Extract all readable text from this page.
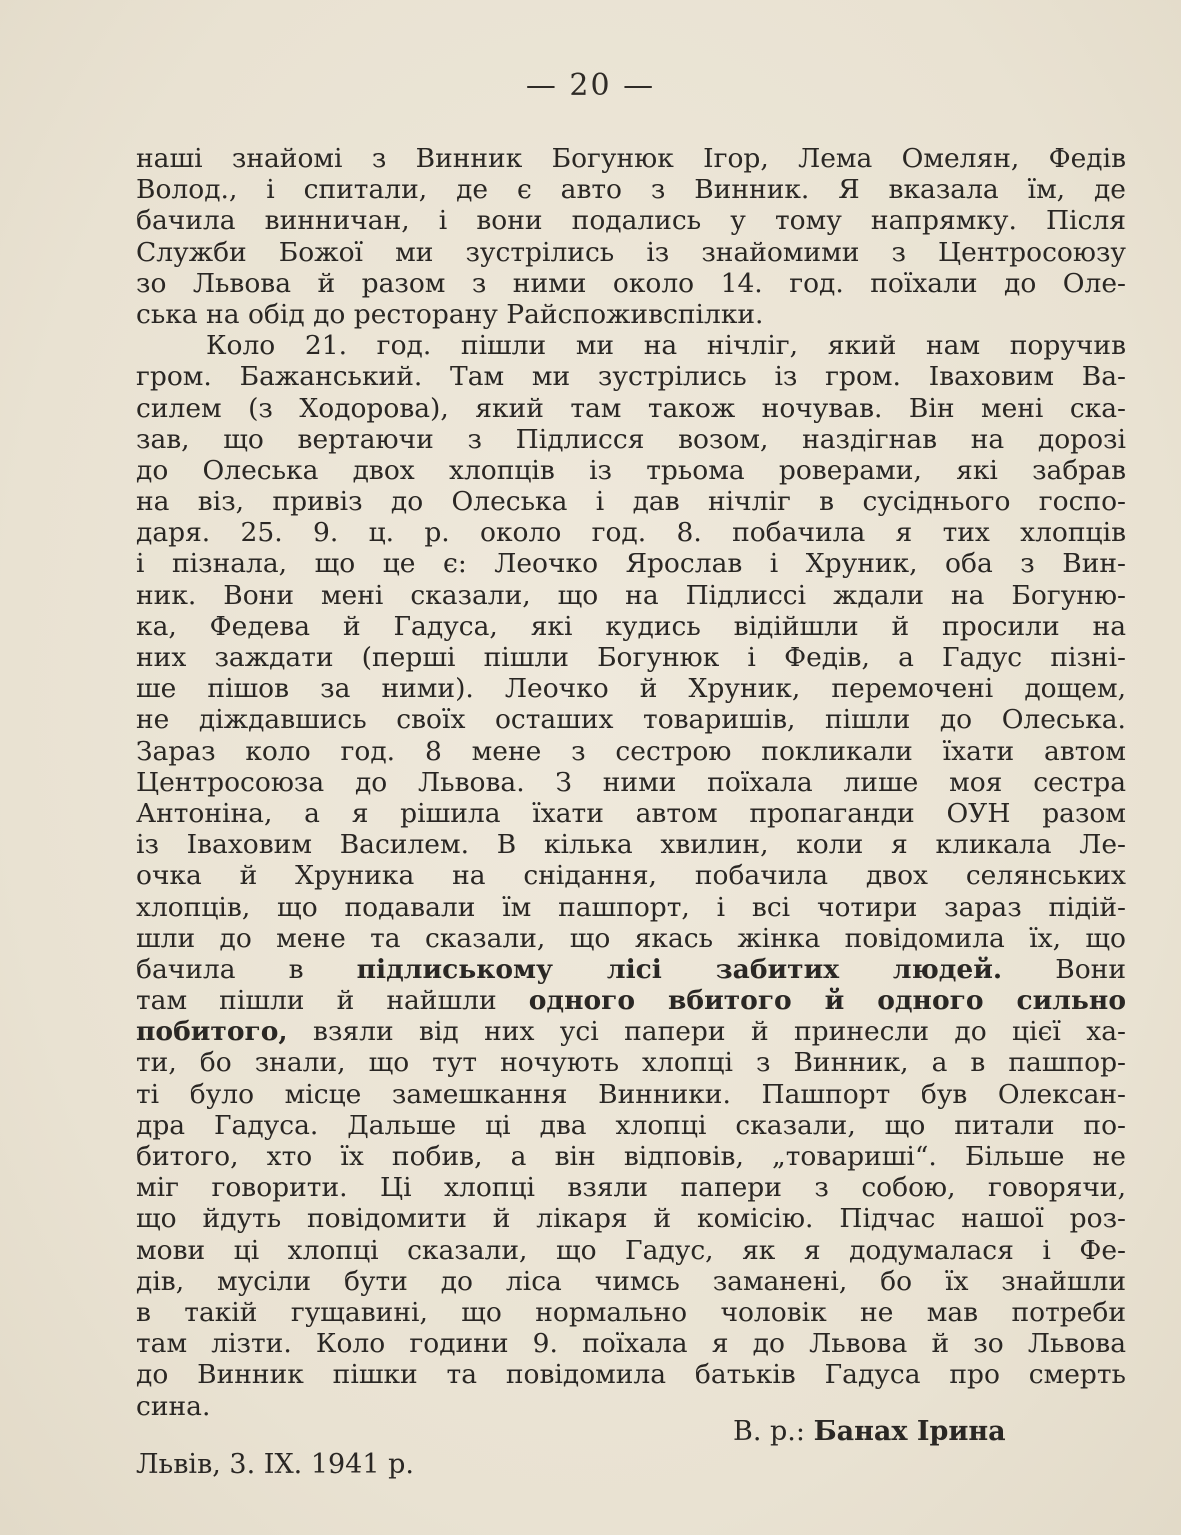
— 20 —
наші знайомі з Винник Богунюк Ігор, Лема Омелян, Федів
Волод., і спитали, де є авто з Винник. Я вказала їм, де
бачила винничан, і вони подались у тому напрямку. Після
Служби Божої ми зустрілись із знайомими з Центросоюзу
зо Львова й разом з ними около 14. год. поїхали до Оле-
ська на обід до ресторану Райспоживспілки.
Коло 21. год. пішли ми на нічліг, який нам поручив
гром. Бажанський. Там ми зустрілись із гром. Іваховим Ва-
силем (з Ходорова), який там також ночував. Він мені ска-
зав, що вертаючи з Підлисся возом, наздігнав на дорозі
до Олеська двох хлопців із трьома роверами, які забрав
на віз, привіз до Олеська і дав нічліг в сусіднього госпо-
даря. 25. 9. ц. р. около год. 8. побачила я тих хлопців
і пізнала, що це є: Леочко Ярослав і Хруник, оба з Вин-
ник. Вони мені сказали, що на Підлиссі ждали на Богуню-
ка, Федева й Гадуса, які кудись відійшли й просили на
них заждати (перші пішли Богунюк і Федів, а Гадус пізні-
ше пішов за ними). Леочко й Хруник, перемочені дощем,
не діждавшись своїх осташих товаришів, пішли до Олеська.
Зараз коло год. 8 мене з сестрою покликали їхати автом
Центросоюза до Львова. З ними поїхала лише моя сестра
Антоніна, а я рішила їхати автом пропаганди ОУН разом
із Іваховим Василем. В кілька хвилин, коли я кликала Ле-
очка й Хруника на снідання, побачила двох селянських
хлопців, що подавали їм пашпорт, і всі чотири зараз підій-
шли до мене та сказали, що якась жінка повідомила їх, що
бачила в підлиському лісі забитих людей. Вони
там пішли й найшли одного вбитого й одного сильно
побитого, взяли від них усі папери й принесли до цієї ха-
ти, бо знали, що тут ночують хлопці з Винник, а в пашпор-
ті було місце замешкання Винники. Пашпорт був Олексан-
дра Гадуса. Дальше ці два хлопці сказали, що питали по-
битого, хто їх побив, а він відповів, „товариші“. Більше не
міг говорити. Ці хлопці взяли папери з собою, говорячи,
що йдуть повідомити й лікаря й комісію. Підчас нашої роз-
мови ці хлопці сказали, що Гадус, як я додумалася і Фе-
дів, мусіли бути до ліса чимсь заманені, бо їх знайшли
в такій гущавині, що нормально чоловік не мав потреби
там лізти. Коло години 9. поїхала я до Львова й зо Львова
до Винник пішки та повідомила батьків Гадуса про смерть
сина.
В. р.: Банах Ірина
Львів, 3. IX. 1941 р.
